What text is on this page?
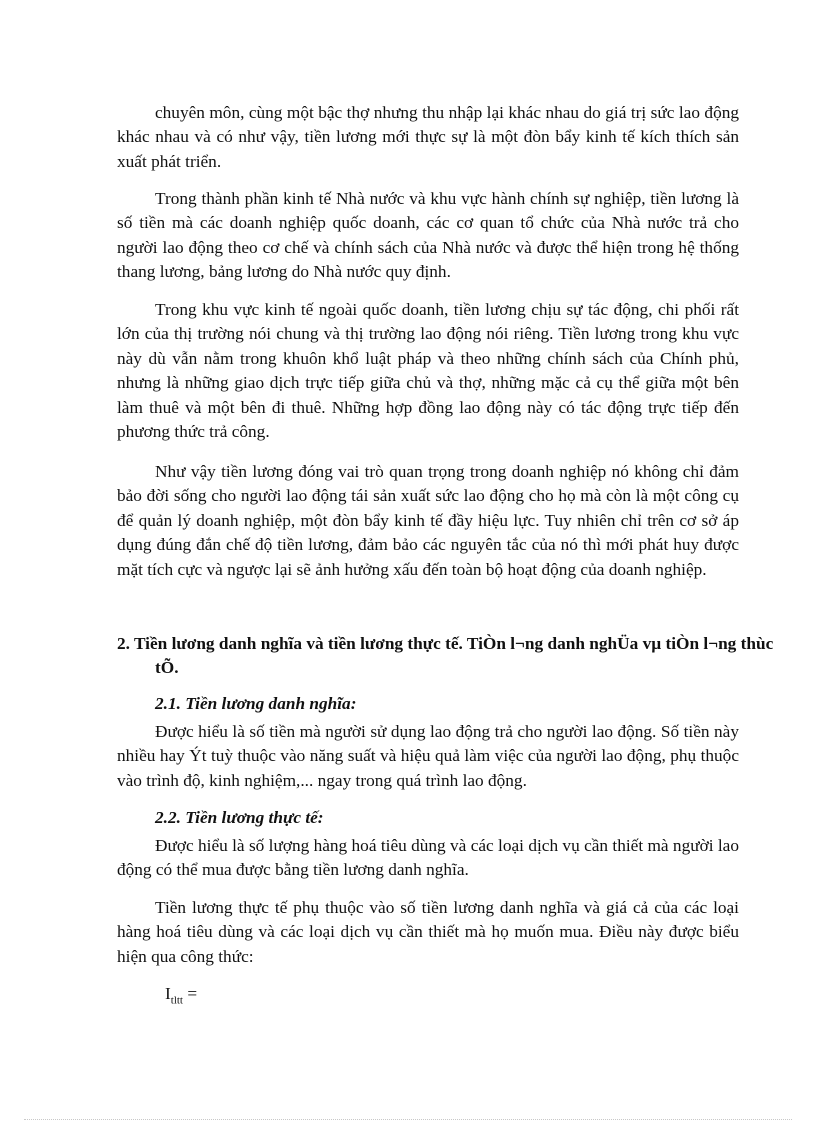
chuyên môn, cùng một bậc thợ nhưng thu nhập lại khác nhau do giá trị sức lao động khác nhau và có như vậy, tiền lương mới thực sự là một đòn bẩy kinh tế kích thích sản xuất phát triển.

Trong thành phần kinh tế Nhà nước và khu vực hành chính sự nghiệp, tiền lương là số tiền mà các doanh nghiệp quốc doanh, các cơ quan tổ chức của Nhà nước trả cho người lao động theo cơ chế và chính sách của Nhà nước và được thể hiện trong hệ thống thang lương, bảng lương do Nhà nước quy định.

Trong khu vực kinh tế ngoài quốc doanh, tiền lương chịu sự tác động, chi phối rất lớn của thị trường nói chung và thị trường lao động nói riêng. Tiền lương trong khu vực này dù vẫn nằm trong khuôn khổ luật pháp và theo những chính sách của Chính phủ, nhưng là những giao dịch trực tiếp giữa chủ và thợ, những mặc cả cụ thể giữa một bên làm thuê và một bên đi thuê. Những hợp đồng lao động này có tác động trực tiếp đến phương thức trả công.

Như vậy tiền lương đóng vai trò quan trọng trong doanh nghiệp nó không chỉ đảm bảo đời sống cho người lao động tái sản xuất sức lao động cho họ mà còn là một công cụ để quản lý doanh nghiệp, một đòn bẩy kinh tế đầy hiệu lực. Tuy nhiên chỉ trên cơ sở áp dụng đúng đắn chế độ tiền lương, đảm bảo các nguyên tắc của nó thì mới phát huy được mặt tích cực và ngược lại sẽ ảnh hưởng xấu đến toàn bộ hoạt động của doanh nghiệp.

2. Tiền lương danh nghĩa và tiền lương thực tế. TiÒn l¬ng danh nghÜa vµ tiÒn l¬ng thùc tÕ.

2.1. Tiền lương danh nghĩa:

Được hiểu là số tiền mà người sử dụng lao động trả cho người lao động. Số tiền này nhiều hay Ýt tuỳ thuộc vào năng suất và hiệu quả làm việc của người lao động, phụ thuộc vào trình độ, kinh nghiệm,... ngay trong quá trình lao động.

2.2. Tiền lương thực tế:

Được hiểu là số lượng hàng hoá tiêu dùng và các loại dịch vụ cần thiết mà người lao động có thể mua được bằng tiền lương danh nghĩa.

Tiền lương thực tế phụ thuộc vào số tiền lương danh nghĩa và giá cả của các loại hàng hoá tiêu dùng và các loại dịch vụ cần thiết mà họ muốn mua. Điều này được biểu hiện qua công thức:

$I_{tltt}$ =
